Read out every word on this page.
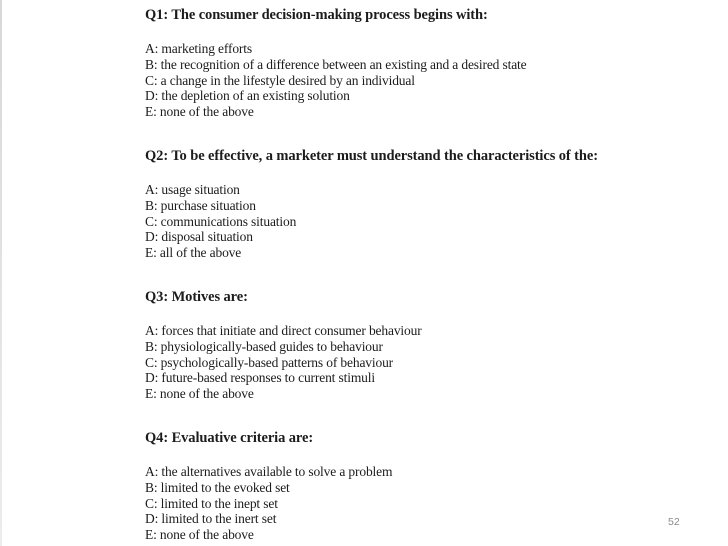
Q1: The consumer decision-making process begins with:

A: marketing efforts
B: the recognition of a difference between an existing and a desired state
C: a change in the lifestyle desired by an individual
D: the depletion of an existing solution
E: none of the above

Q2: To be effective, a marketer must understand the characteristics of the:

A: usage situation
B: purchase situation
C: communications situation
D: disposal situation
E: all of the above

Q3: Motives are:

A: forces that initiate and direct consumer behaviour
B: physiologically-based guides to behaviour
C: psychologically-based patterns of behaviour
D: future-based responses to current stimuli
E: none of the above

Q4: Evaluative criteria are:

A: the alternatives available to solve a problem
B: limited to the evoked set
C: limited to the inept set
D: limited to the inert set
E: none of the above
52
